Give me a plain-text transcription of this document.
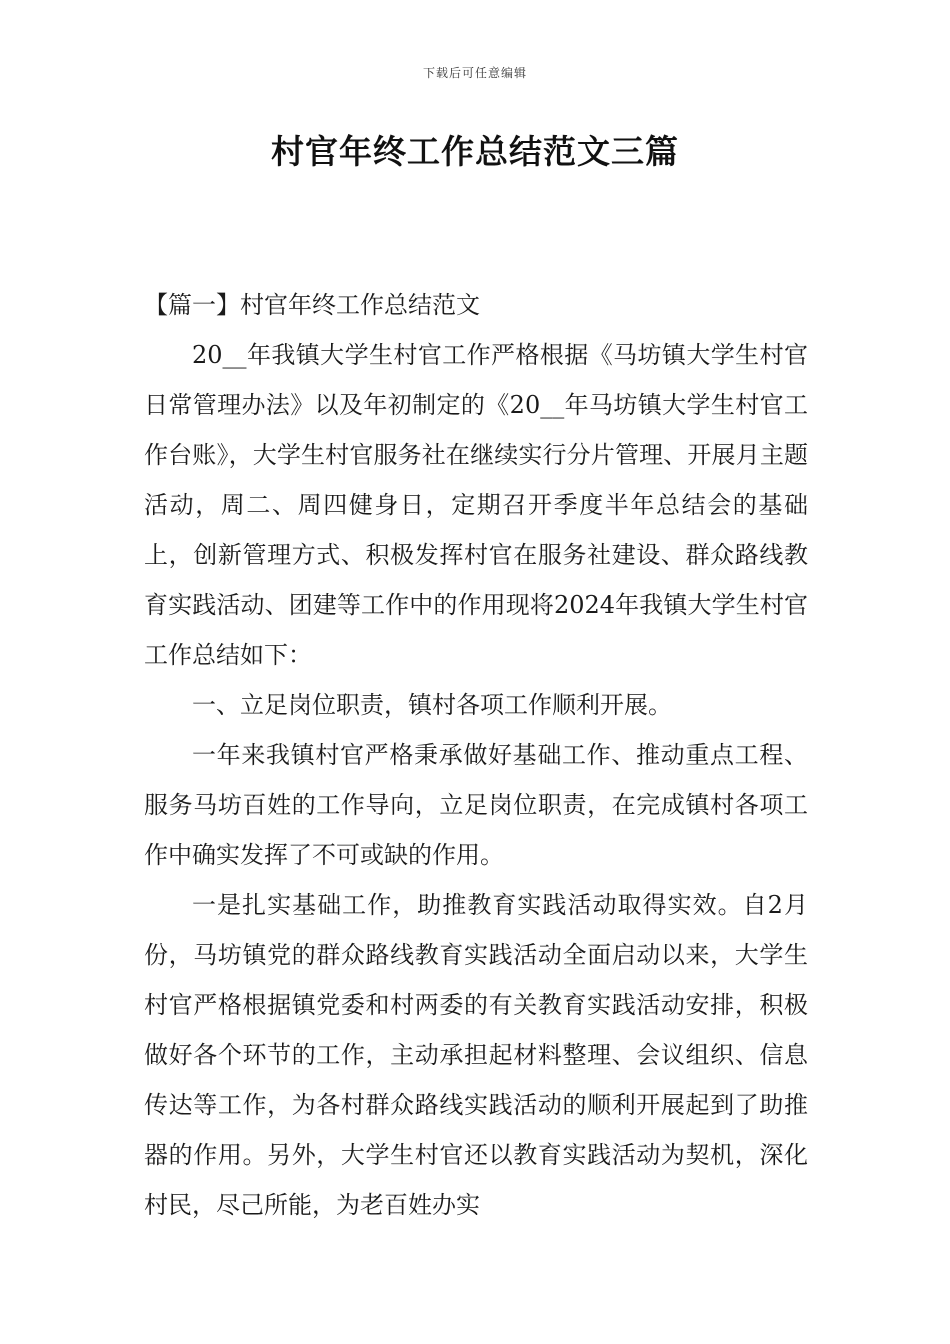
下载后可任意编辑
村官年终工作总结范文三篇

【篇一】村官年终工作总结范文

20__年我镇大学生村官工作严格根据《马坊镇大学生村官日常管理办法》以及年初制定的《20__年马坊镇大学生村官工作台账》，大学生村官服务社在继续实行分片管理、开展月主题活动，周二、周四健身日，定期召开季度半年总结会的基础上，创新管理方式、积极发挥村官在服务社建设、群众路线教育实践活动、团建等工作中的作用现将2024年我镇大学生村官工作总结如下：

一、立足岗位职责，镇村各项工作顺利开展。

一年来我镇村官严格秉承做好基础工作、推动重点工程、服务马坊百姓的工作导向，立足岗位职责，在完成镇村各项工作中确实发挥了不可或缺的作用。

一是扎实基础工作，助推教育实践活动取得实效。自2月份，马坊镇党的群众路线教育实践活动全面启动以来，大学生村官严格根据镇党委和村两委的有关教育实践活动安排，积极做好各个环节的工作，主动承担起材料整理、会议组织、信息传达等工作，为各村群众路线实践活动的顺利开展起到了助推器的作用。另外，大学生村官还以教育实践活动为契机，深化村民，尽己所能，为老百姓办实
